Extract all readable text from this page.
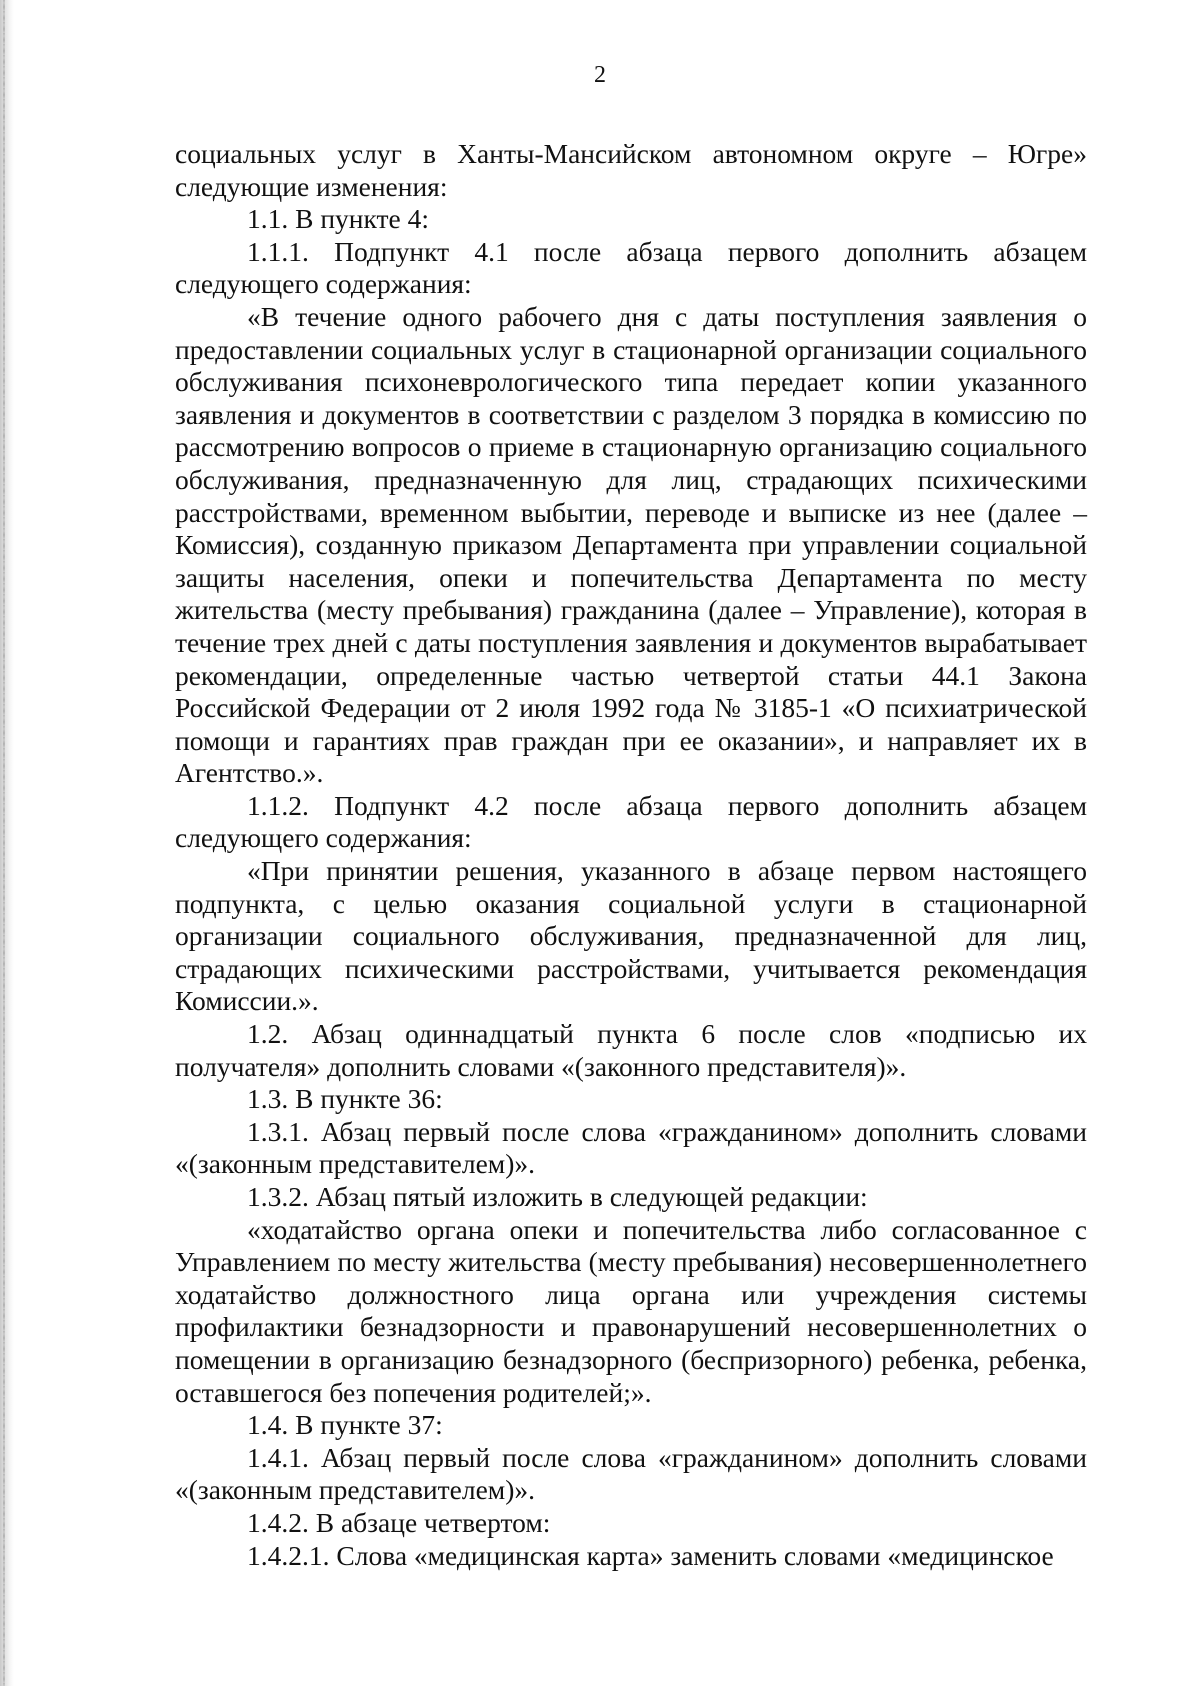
2

социальных услуг в Ханты-Мансийском автономном округе – Югре» следующие изменения:

1.1. В пункте 4:

1.1.1. Подпункт 4.1 после абзаца первого дополнить абзацем следующего содержания:

«В течение одного рабочего дня с даты поступления заявления о предоставлении социальных услуг в стационарной организации социального обслуживания психоневрологического типа передает копии указанного заявления и документов в соответствии с разделом 3 порядка в комиссию по рассмотрению вопросов о приеме в стационарную организацию социального обслуживания, предназначенную для лиц, страдающих психическими расстройствами, временном выбытии, переводе и выписке из нее (далее – Комиссия), созданную приказом Департамента при управлении социальной защиты населения, опеки и попечительства Департамента по месту жительства (месту пребывания) гражданина (далее – Управление), которая в течение трех дней с даты поступления заявления и документов вырабатывает рекомендации, определенные частью четвертой статьи 44.1 Закона Российской Федерации от 2 июля 1992 года № 3185-1 «О психиатрической помощи и гарантиях прав граждан при ее оказании», и направляет их в Агентство.».

1.1.2. Подпункт 4.2 после абзаца первого дополнить абзацем следующего содержания:

«При принятии решения, указанного в абзаце первом настоящего подпункта, с целью оказания социальной услуги в стационарной организации социального обслуживания, предназначенной для лиц, страдающих психическими расстройствами, учитывается рекомендация Комиссии.».

1.2. Абзац одиннадцатый пункта 6 после слов «подписью их получателя» дополнить словами «(законного представителя)».

1.3. В пункте 36:

1.3.1. Абзац первый после слова «гражданином» дополнить словами «(законным представителем)».

1.3.2. Абзац пятый изложить в следующей редакции:

«ходатайство органа опеки и попечительства либо согласованное с Управлением по месту жительства (месту пребывания) несовершеннолетнего ходатайство должностного лица органа или учреждения системы профилактики безнадзорности и правонарушений несовершеннолетних о помещении в организацию безнадзорного (беспризорного) ребенка, ребенка, оставшегося без попечения родителей;».

1.4. В пункте 37:

1.4.1. Абзац первый после слова «гражданином» дополнить словами «(законным представителем)».

1.4.2. В абзаце четвертом:

1.4.2.1. Слова «медицинская карта» заменить словами «медицинское
